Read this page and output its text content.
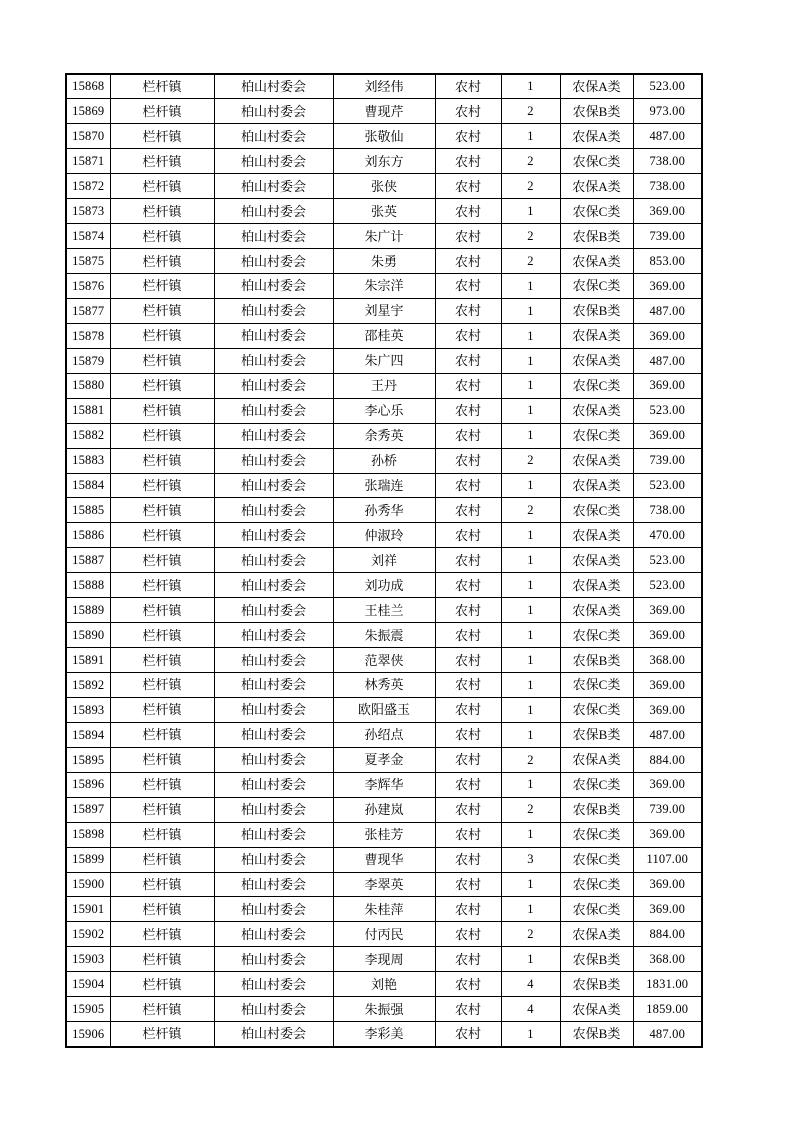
15868	栏杆镇	柏山村委会	刘经伟	农村	1	农保A类	523.00
15869	栏杆镇	柏山村委会	曹现芹	农村	2	农保B类	973.00
15870	栏杆镇	柏山村委会	张敬仙	农村	1	农保A类	487.00
15871	栏杆镇	柏山村委会	刘东方	农村	2	农保C类	738.00
15872	栏杆镇	柏山村委会	张侠	农村	2	农保A类	738.00
15873	栏杆镇	柏山村委会	张英	农村	1	农保C类	369.00
15874	栏杆镇	柏山村委会	朱广计	农村	2	农保B类	739.00
15875	栏杆镇	柏山村委会	朱勇	农村	2	农保A类	853.00
15876	栏杆镇	柏山村委会	朱宗洋	农村	1	农保C类	369.00
15877	栏杆镇	柏山村委会	刘星宇	农村	1	农保B类	487.00
15878	栏杆镇	柏山村委会	邵桂英	农村	1	农保A类	369.00
15879	栏杆镇	柏山村委会	朱广四	农村	1	农保A类	487.00
15880	栏杆镇	柏山村委会	王丹	农村	1	农保C类	369.00
15881	栏杆镇	柏山村委会	李心乐	农村	1	农保A类	523.00
15882	栏杆镇	柏山村委会	余秀英	农村	1	农保C类	369.00
15883	栏杆镇	柏山村委会	孙桥	农村	2	农保A类	739.00
15884	栏杆镇	柏山村委会	张瑞连	农村	1	农保A类	523.00
15885	栏杆镇	柏山村委会	孙秀华	农村	2	农保C类	738.00
15886	栏杆镇	柏山村委会	仲淑玲	农村	1	农保A类	470.00
15887	栏杆镇	柏山村委会	刘祥	农村	1	农保A类	523.00
15888	栏杆镇	柏山村委会	刘功成	农村	1	农保A类	523.00
15889	栏杆镇	柏山村委会	王桂兰	农村	1	农保A类	369.00
15890	栏杆镇	柏山村委会	朱振震	农村	1	农保C类	369.00
15891	栏杆镇	柏山村委会	范翠侠	农村	1	农保B类	368.00
15892	栏杆镇	柏山村委会	林秀英	农村	1	农保C类	369.00
15893	栏杆镇	柏山村委会	欧阳盛玉	农村	1	农保C类	369.00
15894	栏杆镇	柏山村委会	孙绍点	农村	1	农保B类	487.00
15895	栏杆镇	柏山村委会	夏孝金	农村	2	农保A类	884.00
15896	栏杆镇	柏山村委会	李辉华	农村	1	农保C类	369.00
15897	栏杆镇	柏山村委会	孙建岚	农村	2	农保B类	739.00
15898	栏杆镇	柏山村委会	张桂芳	农村	1	农保C类	369.00
15899	栏杆镇	柏山村委会	曹现华	农村	3	农保C类	1107.00
15900	栏杆镇	柏山村委会	李翠英	农村	1	农保C类	369.00
15901	栏杆镇	柏山村委会	朱桂萍	农村	1	农保C类	369.00
15902	栏杆镇	柏山村委会	付丙民	农村	2	农保A类	884.00
15903	栏杆镇	柏山村委会	李现周	农村	1	农保B类	368.00
15904	栏杆镇	柏山村委会	刘艳	农村	4	农保B类	1831.00
15905	栏杆镇	柏山村委会	朱振强	农村	4	农保A类	1859.00
15906	栏杆镇	柏山村委会	李彩美	农村	1	农保B类	487.00
